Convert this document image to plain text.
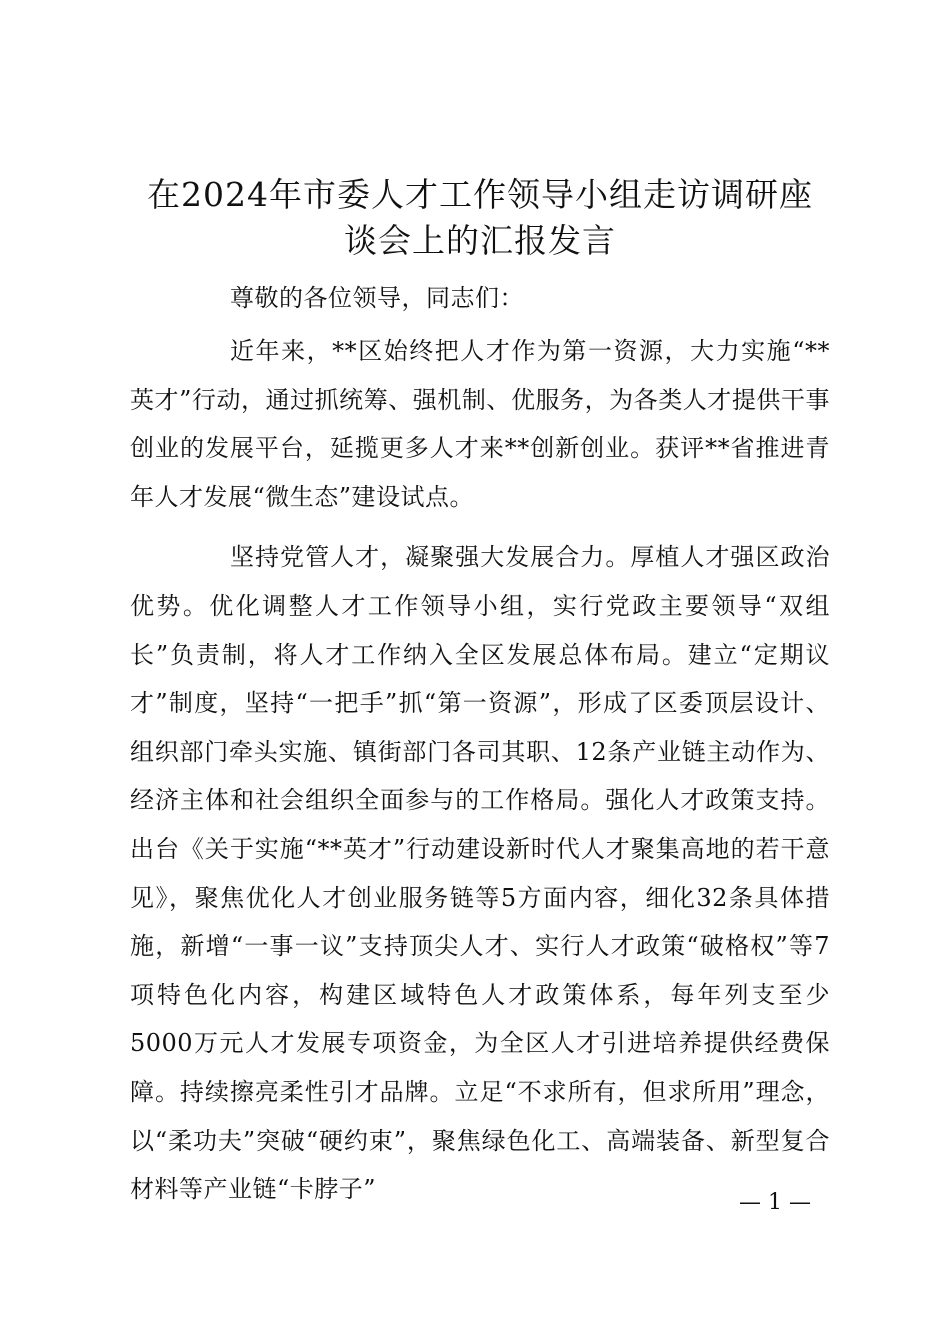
在2024年市委人才工作领导小组走访调研座
谈会上的汇报发言

尊敬的各位领导，同志们：

近年来，**区始终把人才作为第一资源，大力实施“**英才”行动，通过抓统筹、强机制、优服务，为各类人才提供干事创业的发展平台，延揽更多人才来**创新创业。获评**省推进青年人才发展“微生态”建设试点。

坚持党管人才，凝聚强大发展合力。厚植人才强区政治优势。优化调整人才工作领导小组，实行党政主要领导“双组长”负责制，将人才工作纳入全区发展总体布局。建立“定期议才”制度，坚持“一把手”抓“第一资源”，形成了区委顶层设计、组织部门牵头实施、镇街部门各司其职、12条产业链主动作为、经济主体和社会组织全面参与的工作格局。强化人才政策支持。出台《关于实施“**英才”行动建设新时代人才聚集高地的若干意见》，聚焦优化人才创业服务链等5方面内容，细化32条具体措施，新增“一事一议”支持顶尖人才、实行人才政策“破格权”等7项特色化内容，构建区域特色人才政策体系，每年列支至少5000万元人才发展专项资金，为全区人才引进培养提供经费保障。持续擦亮柔性引才品牌。立足“不求所有，但求所用”理念，以“柔功夫”突破“硬约束”，聚焦绿色化工、高端装备、新型复合材料等产业链“卡脖子”	— 1 —
